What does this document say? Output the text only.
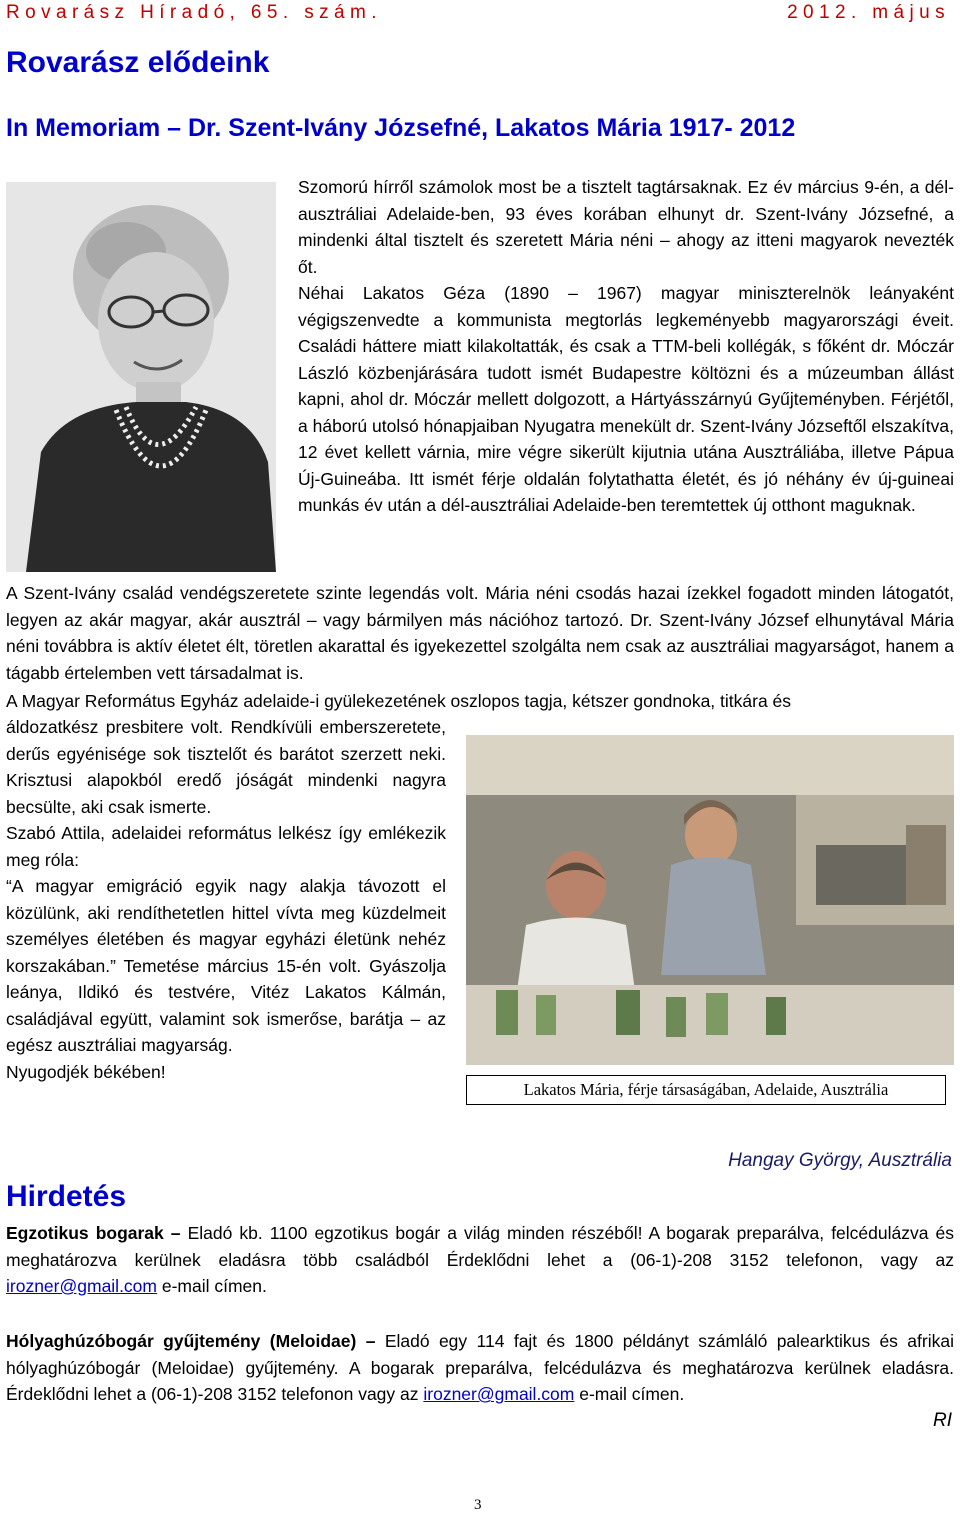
Rovarász Híradó, 65. szám.	2012. május
Rovarász elődeink
In Memoriam – Dr. Szent-Ivány Józsefné, Lakatos Mária 1917- 2012
Szomorú hírről számolok most be a tisztelt tagtársaknak. Ez év március 9-én, a dél-ausztráliai Adelaide-ben, 93 éves korában elhunyt dr. Szent-Ivány Józsefné, a mindenki által tisztelt és szeretett Mária néni – ahogy az itteni magyarok nevezték őt.
Néhai Lakatos Géza (1890 – 1967) magyar miniszterelnök leányaként végigszenvedte a kommunista megtorlás legkeményebb magyarországi éveit. Családi háttere miatt kilakoltatták, és csak a TTM-beli kollégák, s főként dr. Móczár László közbenjárására tudott ismét Budapestre költözni és a múzeumban állást kapni, ahol dr. Móczár mellett dolgozott, a Hártyásszárnyú Gyűjteményben. Férjétől, a háború utolsó hónapjaiban Nyugatra menekült dr. Szent-Ivány Józseftől elszakítva, 12 évet kellett várnia, mire végre sikerült kijutnia utána Ausztráliába, illetve Pápua Új-Guineába. Itt ismét férje oldalán folytathatta életét, és jó néhány év új-guineai munkás év után a dél-ausztráliai Adelaide-ben teremtettek új otthont maguknak.
A Szent-Ivány család vendégszeretete szinte legendás volt. Mária néni csodás hazai ízekkel fogadott minden látogatót, legyen az akár magyar, akár ausztrál – vagy bármilyen más nációhoz tartozó. Dr. Szent-Ivány József elhunytával Mária néni továbbra is aktív életet élt, töretlen akarattal és igyekezettel szolgálta nem csak az ausztráliai magyarságot, hanem a tágabb értelemben vett társadalmat is.
A Magyar Református Egyház adelaide-i gyülekezetének oszlopos tagja, kétszer gondnoka, titkára és
áldozatkész presbitere volt. Rendkívüli emberszeretete, derűs egyénisége sok tisztelőt és barátot szerzett neki. Krisztusi alapokból eredő jóságát mindenki nagyra becsülte, aki csak ismerte.
Szabó Attila, adelaidei református lelkész így emlékezik meg róla:
“A magyar emigráció egyik nagy alakja távozott el közülünk, aki rendíthetetlen hittel vívta meg küzdelmeit személyes életében és magyar egyházi életünk nehéz korszakában.” Temetése március 15-én volt. Gyászolja leánya, Ildikó és testvére, Vitéz Lakatos Kálmán, családjával együtt, valamint sok ismerőse, barátja – az egész ausztráliai magyarság.
Nyugodjék békében!
Lakatos Mária, férje társaságában, Adelaide, Ausztrália
Hangay György, Ausztrália
Hirdetés
Egzotikus bogarak – Eladó kb. 1100 egzotikus bogár a világ minden részéből! A bogarak preparálva, felcédulázva és meghatározva kerülnek eladásra több családból Érdeklődni lehet a (06-1)-208 3152 telefonon, vagy az irozner@gmail.com e-mail címen.
Hólyaghúzóbogár gyűjtemény (Meloidae) – Eladó egy 114 fajt és 1800 példányt számláló palearktikus és afrikai hólyaghúzóbogár (Meloidae) gyűjtemény. A bogarak preparálva, felcédulázva és meghatározva kerülnek eladásra. Érdeklődni lehet a (06-1)-208 3152 telefonon vagy az irozner@gmail.com e-mail címen.
RI
3
